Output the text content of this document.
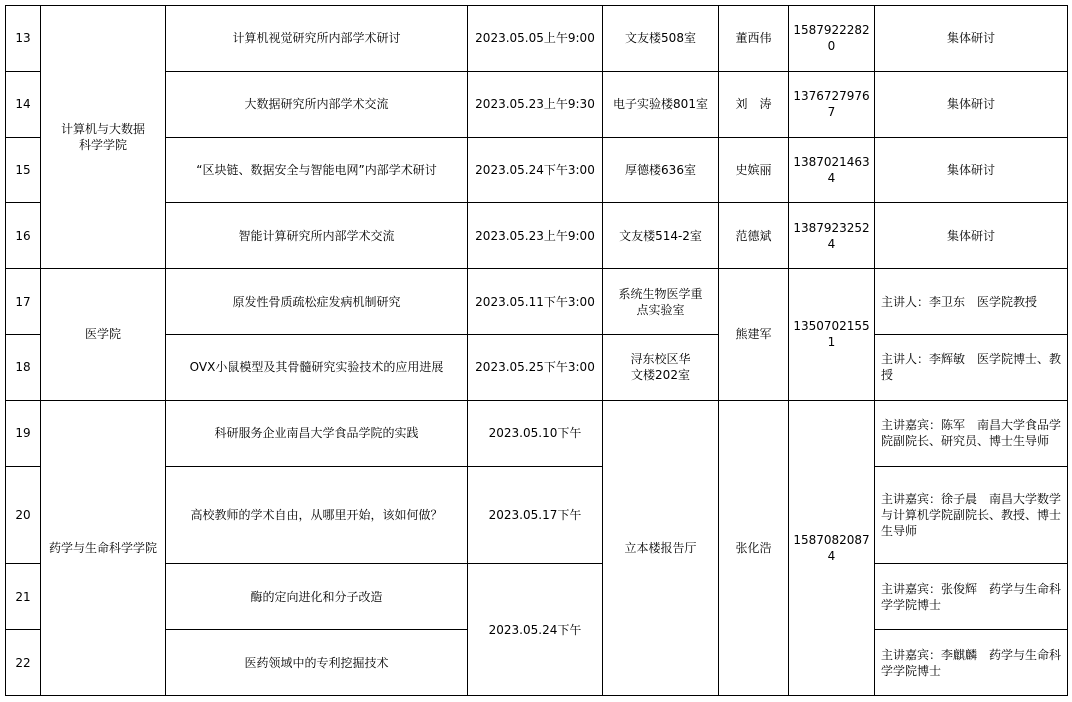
13	计算机与大数据科学学院	计算机视觉研究所内部学术研讨	2023.05.05上午9:00	文友楼508室	董西伟	15879222820	集体研讨
14		大数据研究所内部学术交流	2023.05.23上午9:30	电子实验楼801室	刘　涛	13767279767	集体研讨
15		“区块链、数据安全与智能电网”内部学术研讨	2023.05.24下午3:00	厚德楼636室	史嫔丽	13870214634	集体研讨
16		智能计算研究所内部学术交流	2023.05.23上午9:00	文友楼514-2室	范德斌	13879232524	集体研讨
17	医学院	原发性骨质疏松症发病机制研究	2023.05.11下午3:00	系统生物医学重点实验室	熊建军	13507021551	主讲人：李卫东　医学院教授
18		OVX小鼠模型及其骨髓研究实验技术的应用进展	2023.05.25下午3:00	浔东校区华文楼202室			主讲人：李辉敏　医学院博士、教授
19	药学与生命科学学院	科研服务企业南昌大学食品学院的实践	2023.05.10下午	立本楼报告厅	张化浩	15870820874	主讲嘉宾：陈军　南昌大学食品学院副院长、研究员、博士生导师
20		高校教师的学术自由，从哪里开始，该如何做？	2023.05.17下午				主讲嘉宾：徐子晨　南昌大学数学与计算机学院副院长、教授、博士生导师
21		酶的定向进化和分子改造	2023.05.24下午				主讲嘉宾：张俊辉　药学与生命科学学院博士
22		医药领域中的专利挖掘技术					主讲嘉宾：李麒麟　药学与生命科学学院博士
